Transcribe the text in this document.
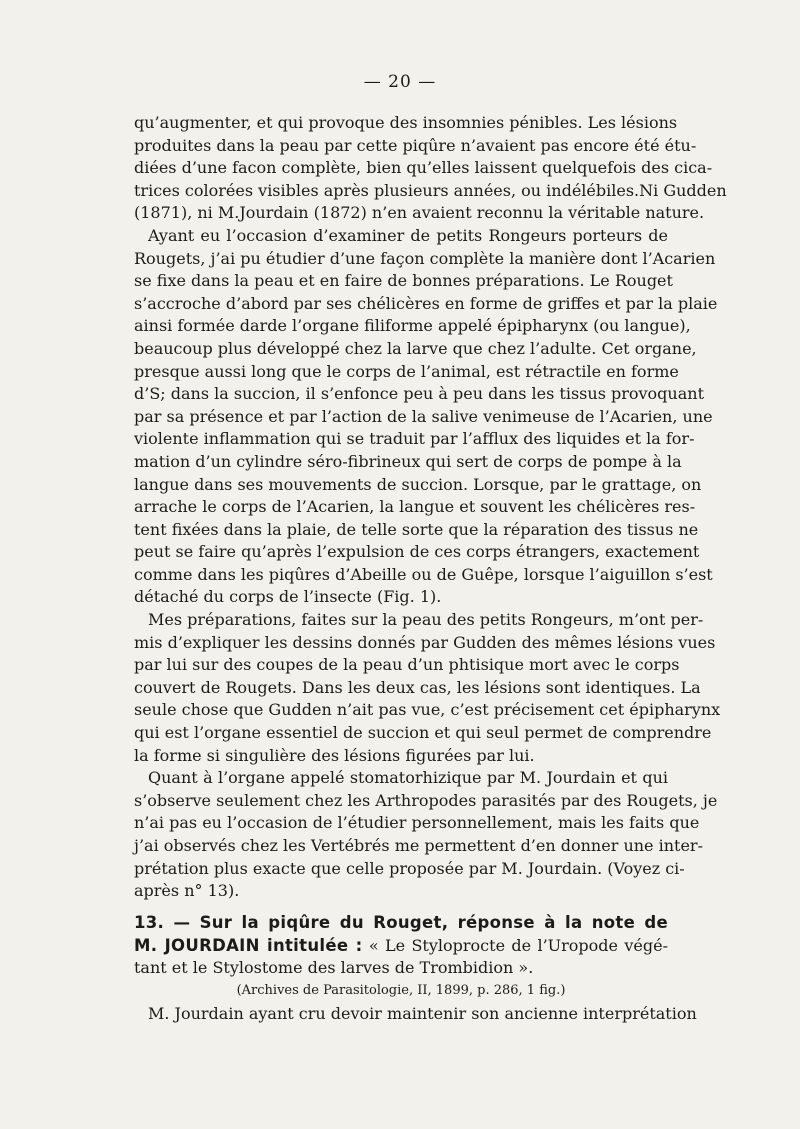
— 20 —
qu’augmenter, et qui provoque des insomnies pénibles. Les lésions
produites dans la peau par cette piqûre n’avaient pas encore été étu-
diées d’une facon complète, bien qu’elles laissent quelquefois des cica-
trices colorées visibles après plusieurs années, ou indélébiles.Ni Gudden
(1871), ni M.Jourdain (1872) n’en avaient reconnu la véritable nature.
Ayant eu l’occasion d’examiner de petits Rongeurs porteurs de
Rougets, j’ai pu étudier d’une façon complète la manière dont l’Acarien
se fixe dans la peau et en faire de bonnes préparations. Le Rouget
s’accroche d’abord par ses chélicères en forme de griffes et par la plaie
ainsi formée darde l’organe filiforme appelé épipharynx (ou langue),
beaucoup plus développé chez la larve que chez l’adulte. Cet organe,
presque aussi long que le corps de l’animal, est rétractile en forme
d’S; dans la succion, il s’enfonce peu à peu dans les tissus provoquant
par sa présence et par l’action de la salive venimeuse de l’Acarien, une
violente inflammation qui se traduit par l’afflux des liquides et la for-
mation d’un cylindre séro-fibrineux qui sert de corps de pompe à la
langue dans ses mouvements de succion. Lorsque, par le grattage, on
arrache le corps de l’Acarien, la langue et souvent les chélicères res-
tent fixées dans la plaie, de telle sorte que la réparation des tissus ne
peut se faire qu’après l’expulsion de ces corps étrangers, exactement
comme dans les piqûres d’Abeille ou de Guêpe, lorsque l’aiguillon s’est
détaché du corps de l’insecte (Fig. 1).
Mes préparations, faites sur la peau des petits Rongeurs, m’ont per-
mis d’expliquer les dessins donnés par Gudden des mêmes lésions vues
par lui sur des coupes de la peau d’un phtisique mort avec le corps
couvert de Rougets. Dans les deux cas, les lésions sont identiques. La
seule chose que Gudden n’ait pas vue, c’est précisement cet épipharynx
qui est l’organe essentiel de succion et qui seul permet de comprendre
la forme si singulière des lésions figurées par lui.
Quant à l’organe appelé stomatorhizique par M. Jourdain et qui
s’observe seulement chez les Arthropodes parasités par des Rougets, je
n’ai pas eu l’occasion de l’étudier personnellement, mais les faits que
j’ai observés chez les Vertébrés me permettent d’en donner une inter-
prétation plus exacte que celle proposée par M. Jourdain. (Voyez ci-
après n° 13).
13. — Sur la piqûre du Rouget, réponse à la note de
M. JOURDAIN intitulée : « Le Styloprocte de l’Uropode végé-
tant et le Stylostome des larves de Trombidion ».
(Archives de Parasitologie, II, 1899, p. 286, 1 fig.)
M. Jourdain ayant cru devoir maintenir son ancienne interprétation
